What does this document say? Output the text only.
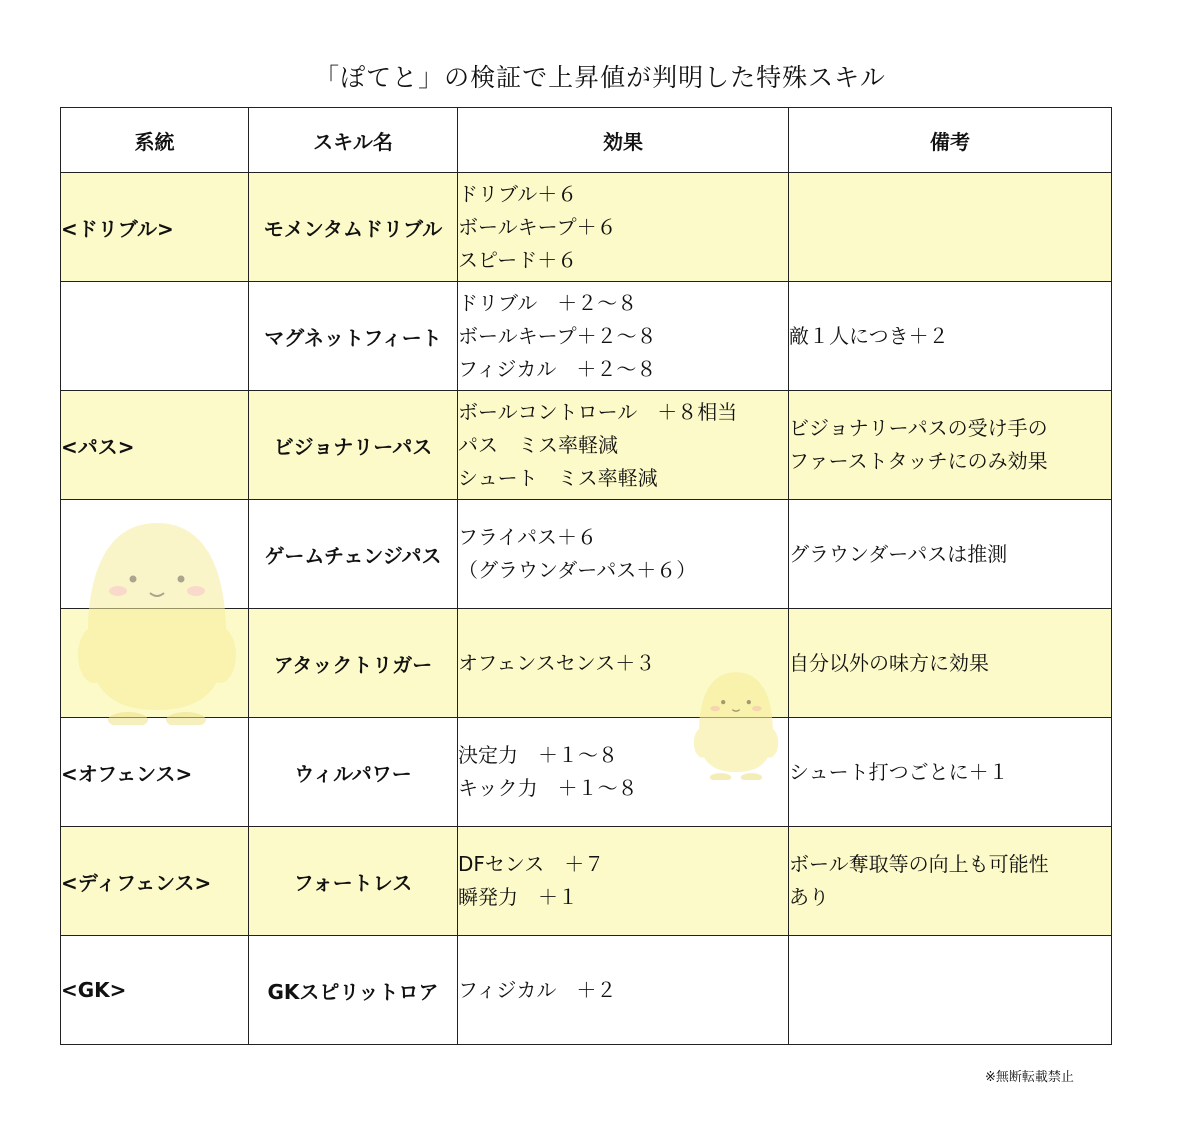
「ぽてと」の検証で上昇値が判明した特殊スキル
系統	スキル名	効果	備考
<ドリブル>	モメンタムドリブル	ドリブル＋６
ボールキープ＋６
スピード＋６	

	マグネットフィート	ドリブル　＋２～８
ボールキープ＋２～８
フィジカル　＋２～８	敵１人につき＋２

<パス>	ビジョナリーパス	ボールコントロール　＋８相当
パス　ミス率軽減
シュート　ミス率軽減	ビジョナリーパスの受け手の
ファーストタッチにのみ効果

	ゲームチェンジパス	フライパス＋６
（グラウンダーパス＋６）	グラウンダーパスは推測

	アタックトリガー	オフェンスセンス＋３	自分以外の味方に効果

<オフェンス>	ウィルパワー	決定力　＋１～８
キック力　＋１～８	シュート打つごとに＋１

<ディフェンス>	フォートレス	DFセンス　＋７
瞬発力　＋１	ボール奪取等の向上も可能性
あり

<GK>	GKスピリットロア	フィジカル　＋２	

※無断転載禁止
